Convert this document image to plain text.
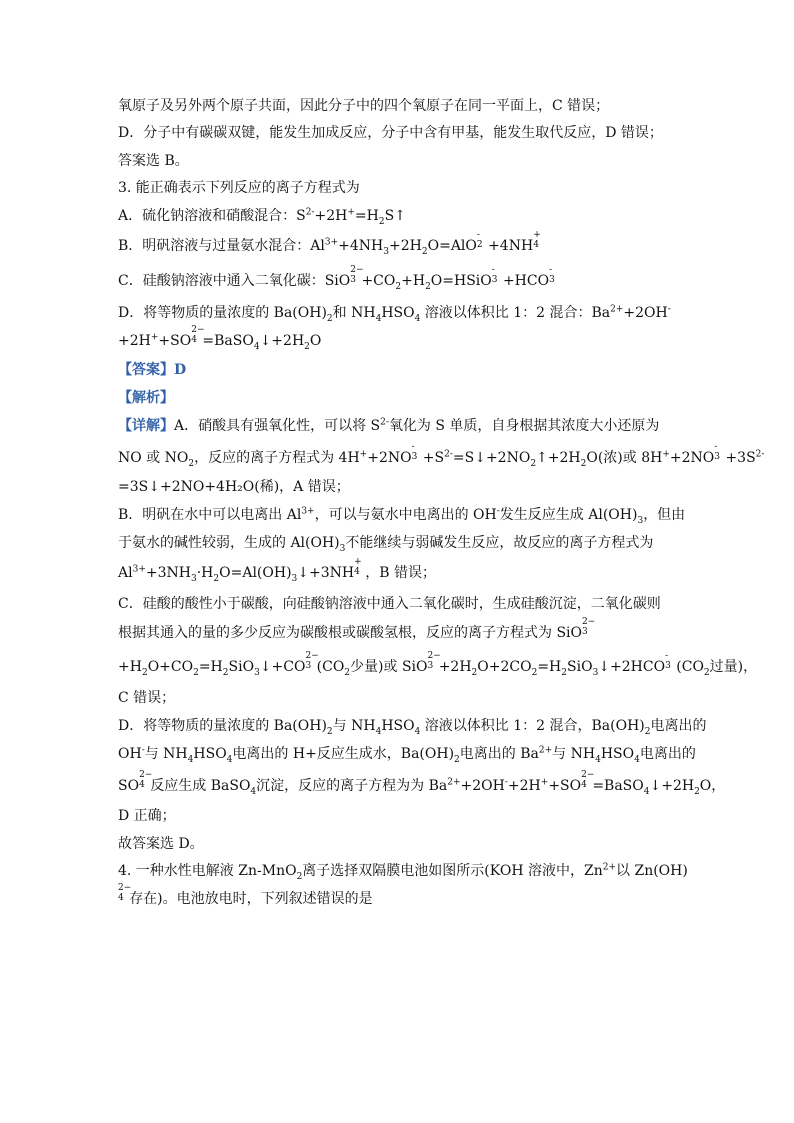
氧原子及另外两个原子共面，因此分子中的四个氧原子在同一平面上，C 错误；
D．分子中有碳碳双键，能发生加成反应，分子中含有甲基，能发生取代反应，D 错误；
答案选 B。
3. 能正确表示下列反应的离子方程式为
A．硫化钠溶液和硝酸混合：$S^{2-}+2H^+=H_2S↑$
B．明矾溶液与过量氨水混合：$Al^{3+}+4NH_3+2H_2O=AlO$
-
2 +4NH
+
4
C．硅酸钠溶液中通入二氧化碳：SiO
2−
$3 +CO_2+H_2O=HSiO$
-
3 +HCO
-
3
D．将等物质的量浓度的 $Ba(OH)_2$和 $NH_4HSO_4$ 溶液以体积比 1：2 混合：$Ba^{2+}+2OH^-$
+2H++SO
2−
$4 =BaSO_4↓+2H_2O$
【答案】D
【解析】
【详解】A．硝酸具有强氧化性，可以将 $S^{2-}$氧化为 S 单质，自身根据其浓度大小还原为
NO 或 $NO_2$，反应的离子方程式为 4H++2NO
-
$3 +S^{2-}=S↓+2NO_2↑+2H_2O$(浓)或 8H++2NO
-
$3 +3S^{2-}$
=3S↓+2NO+4H₂O(稀)，A 错误；
B．明矾在水中可以电离出 $Al^{3+}$，可以与氨水中电离出的 OH-发生反应生成 $Al(OH)_3$，但由
于氨水的碱性较弱，生成的 $Al(OH)_3$不能继续与弱碱发生反应，故反应的离子方程式为
$Al^{3+}+3NH_3\cdot H_2O=Al(OH)_3↓+3NH$
+
4 ，B 错误；
C．硅酸的酸性小于碳酸，向硅酸钠溶液中通入二氧化碳时，生成硅酸沉淀，二氧化碳则
根据其通入的量的多少反应为碳酸根或碳酸氢根，反应的离子方程式为 SiO
2−
3
$+H_2O+CO_2=H_2SiO_3↓+CO$
2−
3 ($CO_2$少量)或 SiO
2−
$3 +2H_2O+2CO_2=H_2SiO_3↓+2HCO$
-
3 ($CO_2$过量)，
C 错误；
D．将等物质的量浓度的 $Ba(OH)_2$与 $NH_4HSO_4$ 溶液以体积比 1：2 混合，$Ba(OH)_2$电离出的
OH-与 $NH_4HSO_4$电离出的 H+反应生成水，$Ba(OH)_2$电离出的 $Ba^{2+}$与 $NH_4HSO_4$电离出的
SO
2−
4 反应生成 BaSO$_4$沉淀，反应的离子方程为为 $Ba^{2+}+2OH^-+2H^++SO$
2−
$4 =BaSO_4↓+2H_2O$，
D 正确；
故答案选 D。
4. 一种水性电解液 Zn-MnO$_2$离子选择双隔膜电池如图所示(KOH 溶液中，$Zn^{2+}$以 Zn(OH)
2−
4 存在)。电池放电时，下列叙述错误的是
